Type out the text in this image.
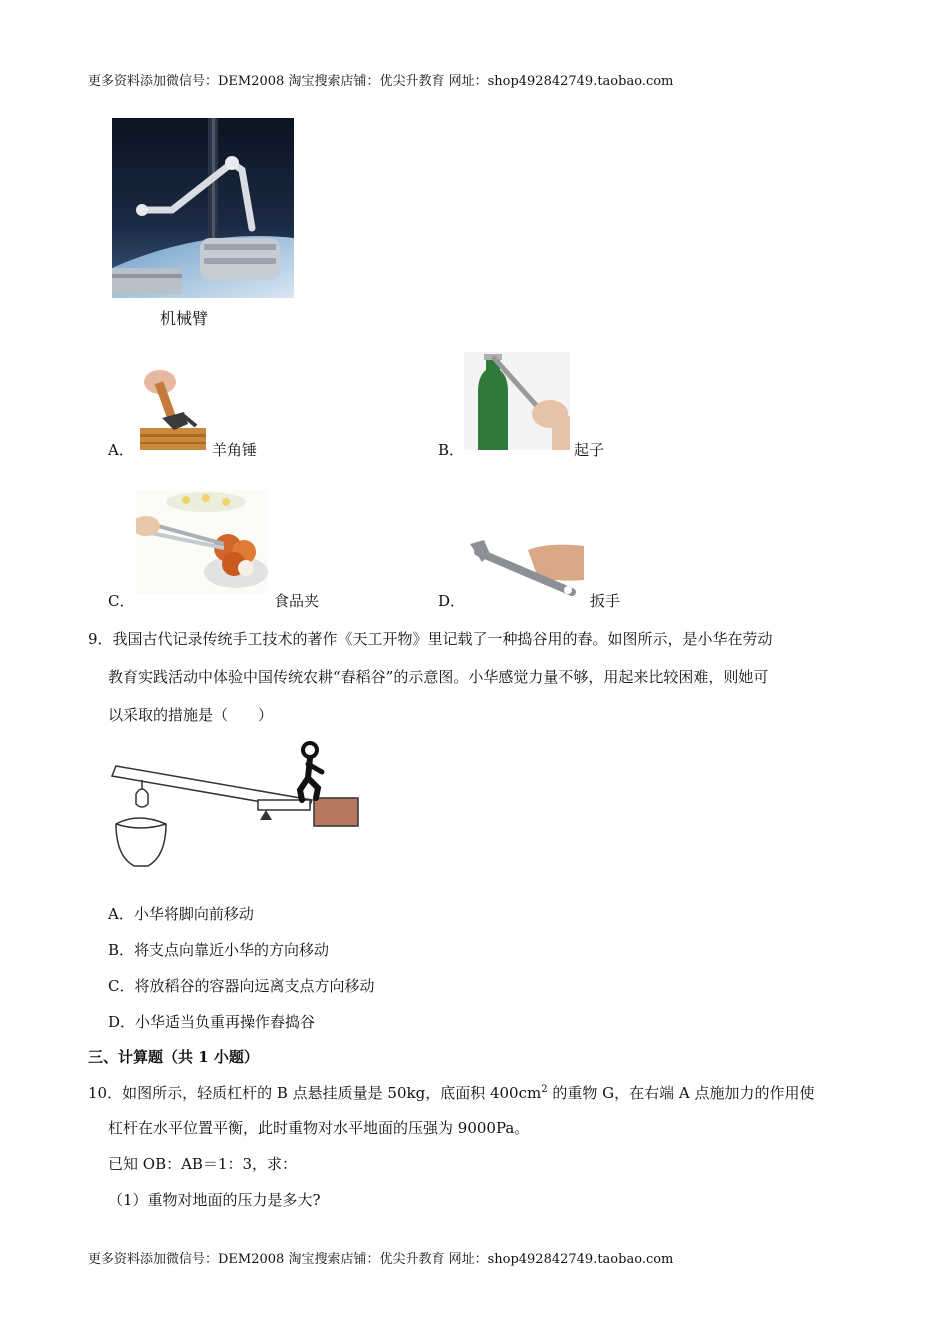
更多资料添加微信号：DEM2008 淘宝搜索店铺：优尖升教育 网址：shop492842749.taobao.com
机械臂
A．	羊角锤	B．	起子
C．	食品夹	D．	扳手
9．我国古代记录传统手工技术的著作《天工开物》里记载了一种捣谷用的舂。如图所示，是小华在劳动
教育实践活动中体验中国传统农耕“舂稻谷”的示意图。小华感觉力量不够，用起来比较困难，则她可
以采取的措施是（　　）
A．小华将脚向前移动
B．将支点向靠近小华的方向移动
C．将放稻谷的容器向远离支点方向移动
D．小华适当负重再操作舂捣谷
三、计算题（共 1 小题）
10．如图所示，轻质杠杆的 B 点悬挂质量是 50kg，底面积 $400cm^2$ 的重物 G，在右端 A 点施加力的作用使
杠杆在水平位置平衡，此时重物对水平地面的压强为 9000Pa。
已知 OB：AB＝1：3，求：
（1）重物对地面的压力是多大?
更多资料添加微信号：DEM2008 淘宝搜索店铺：优尖升教育 网址：shop492842749.taobao.com
